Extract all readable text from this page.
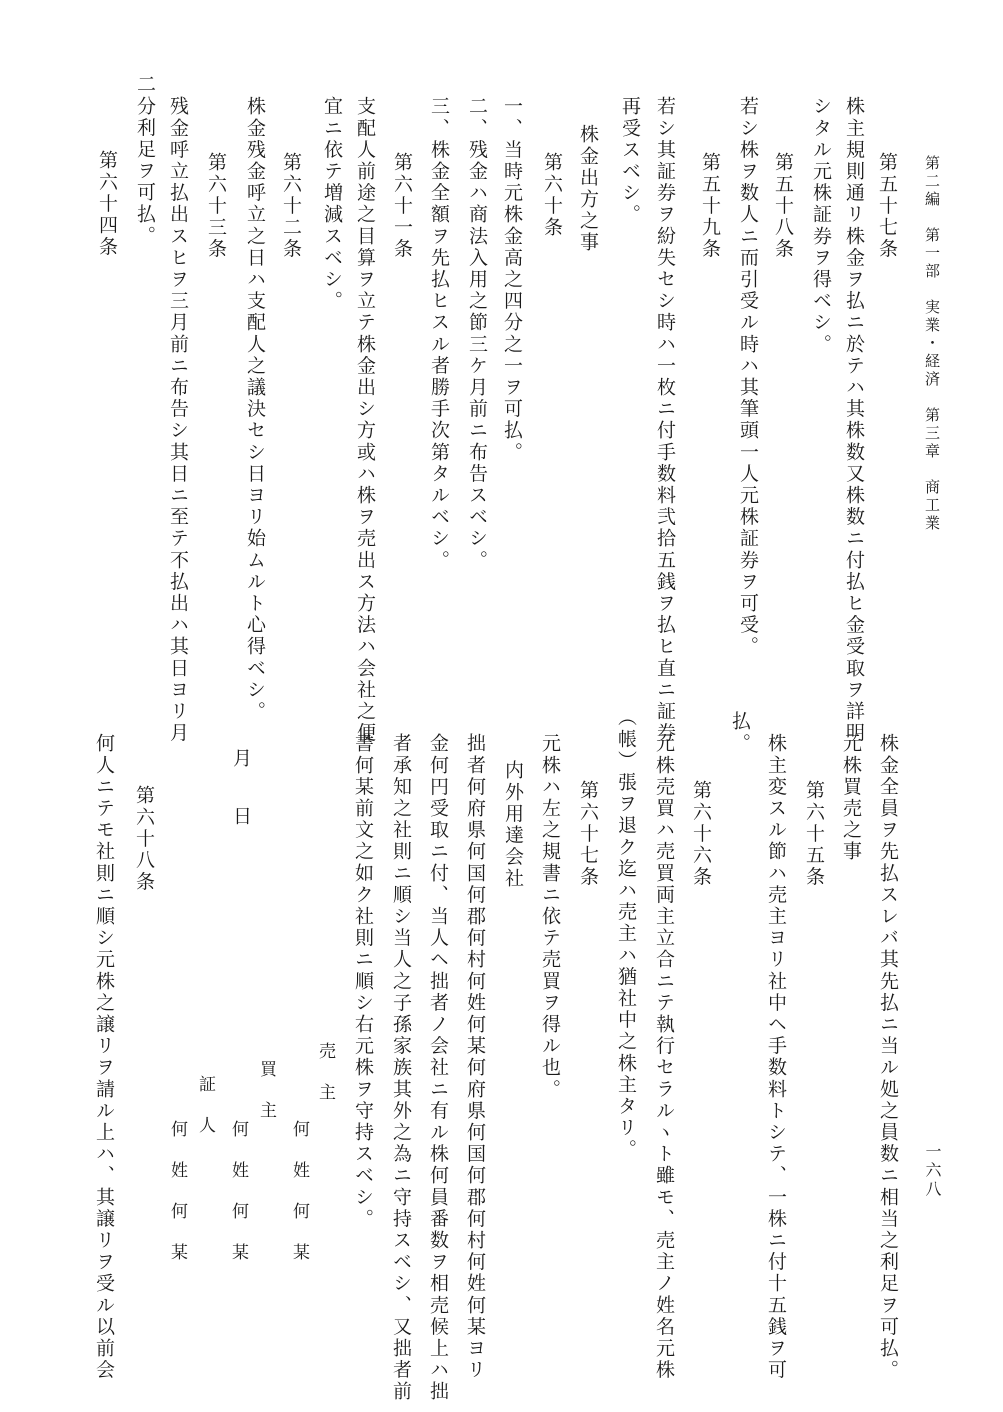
第二編　第一部　実業・経済　第三章　商工業
一六八
第五十七条
株主規則通リ株金ヲ払ニ於テハ其株数又株数ニ付払ヒ金受取ヲ詳明
シタル元株証券ヲ得ベシ。
第五十八条
若シ株ヲ数人ニ而引受ル時ハ其筆頭一人元株証券ヲ可受。
第五十九条
若シ其証券ヲ紛失セシ時ハ一枚ニ付手数料弐拾五銭ヲ払ヒ直ニ証券
再受スベシ。
株金出方之事
第六十条
一、当時元株金高之四分之一ヲ可払。
二、残金ハ商法入用之節三ケ月前ニ布告スベシ。
三、株金全額ヲ先払ヒスル者勝手次第タルベシ。
第六十一条
支配人前途之目算ヲ立テ株金出シ方或ハ株ヲ売出ス方法ハ会社之便
宜ニ依テ増減スベシ。
第六十二条
株金残金呼立之日ハ支配人之議決セシ日ヨリ始ムルト心得ベシ。
第六十三条
残金呼立払出スヒヲ三月前ニ布告シ其日ニ至テ不払出ハ其日ヨリ月
二分利足ヲ可払。
第六十四条
株金全員ヲ先払スレバ其先払ニ当ル処之員数ニ相当之利足ヲ可払。
元株買売之事
第六十五条
株主変スル節ハ売主ヨリ社中ヘ手数料トシテ、一株ニ付十五銭ヲ可
払。
第六十六条
元株売買ハ売買両主立合ニテ執行セラルヽト雖モ、売主ノ姓名元株
（帳）張ヲ退ク迄ハ売主ハ猶社中之株主タリ。
第六十七条
元株ハ左之規書ニ依テ売買ヲ得ル也。
内外用達会社
拙者何府県何国何郡何村何姓何某何府県何国何郡何村何姓何某ヨリ
金何円受取ニ付、当人ヘ拙者ノ会社ニ有ル株何員番数ヲ相売候上ハ拙
者承知之社則ニ順シ当人之子孫家族其外之為ニ守持スベシ、又拙者前
書何某前文之如ク社則ニ順シ右元株ヲ守持スベシ。
売主
何姓何某
買主
何姓何某
証人
何姓何某
月
日
第六十八条
何人ニテモ社則ニ順シ元株之譲リヲ請ル上ハ、其譲リヲ受ル以前会
